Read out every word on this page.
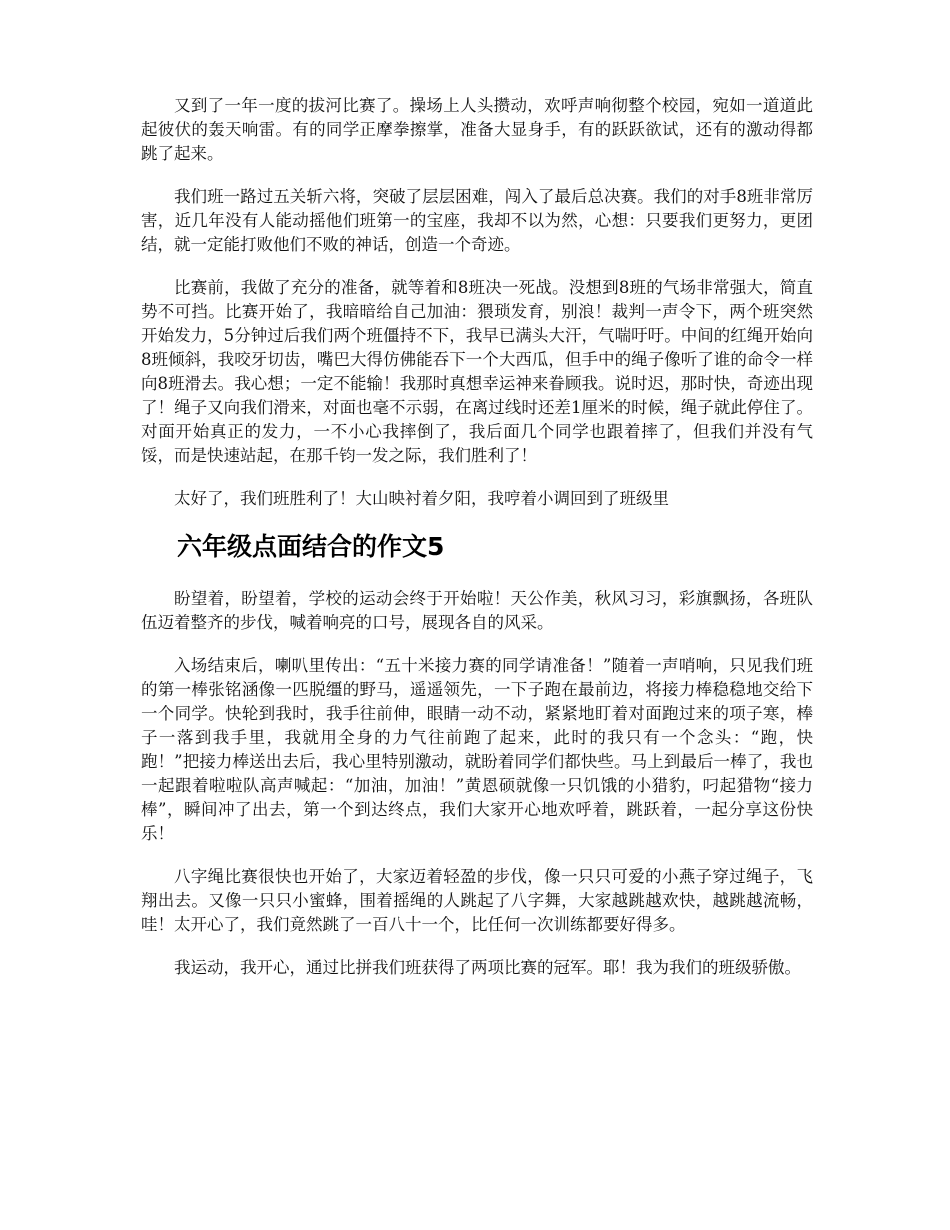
又到了一年一度的拔河比赛了。操场上人头攒动，欢呼声响彻整个校园，宛如一道道此起彼伏的轰天响雷。有的同学正摩拳擦掌，准备大显身手，有的跃跃欲试，还有的激动得都跳了起来。

我们班一路过五关斩六将，突破了层层困难，闯入了最后总决赛。我们的对手8班非常厉害，近几年没有人能动摇他们班第一的宝座，我却不以为然，心想：只要我们更努力，更团结，就一定能打败他们不败的神话，创造一个奇迹。

比赛前，我做了充分的准备，就等着和8班决一死战。没想到8班的气场非常强大，简直势不可挡。比赛开始了，我暗暗给自己加油：猥琐发育，别浪！裁判一声令下，两个班突然开始发力，5分钟过后我们两个班僵持不下，我早已满头大汗，气喘吁吁。中间的红绳开始向8班倾斜，我咬牙切齿，嘴巴大得仿佛能吞下一个大西瓜，但手中的绳子像听了谁的命令一样向8班滑去。我心想；一定不能输！我那时真想幸运神来眷顾我。说时迟，那时快，奇迹出现了！绳子又向我们滑来，对面也毫不示弱，在离过线时还差1厘米的时候，绳子就此停住了。对面开始真正的发力，一不小心我摔倒了，我后面几个同学也跟着摔了，但我们并没有气馁，而是快速站起，在那千钧一发之际，我们胜利了！

太好了，我们班胜利了！大山映衬着夕阳，我哼着小调回到了班级里

六年级点面结合的作文5

盼望着，盼望着，学校的运动会终于开始啦！天公作美，秋风习习，彩旗飘扬，各班队伍迈着整齐的步伐，喊着响亮的口号，展现各自的风采。

入场结束后，喇叭里传出：“五十米接力赛的同学请准备！”随着一声哨响，只见我们班的第一棒张铭涵像一匹脱缰的野马，遥遥领先，一下子跑在最前边，将接力棒稳稳地交给下一个同学。快轮到我时，我手往前伸，眼睛一动不动，紧紧地盯着对面跑过来的项子寒，棒子一落到我手里，我就用全身的力气往前跑了起来，此时的我只有一个念头：“跑，快跑！”把接力棒送出去后，我心里特别激动，就盼着同学们都快些。马上到最后一棒了，我也一起跟着啦啦队高声喊起：“加油，加油！”黄恩硕就像一只饥饿的小猎豹，叼起猎物“接力棒”，瞬间冲了出去，第一个到达终点，我们大家开心地欢呼着，跳跃着，一起分享这份快乐！

八字绳比赛很快也开始了，大家迈着轻盈的步伐，像一只只可爱的小燕子穿过绳子，飞翔出去。又像一只只小蜜蜂，围着摇绳的人跳起了八字舞，大家越跳越欢快，越跳越流畅，哇！太开心了，我们竟然跳了一百八十一个，比任何一次训练都要好得多。

我运动，我开心，通过比拼我们班获得了两项比赛的冠军。耶！我为我们的班级骄傲。
